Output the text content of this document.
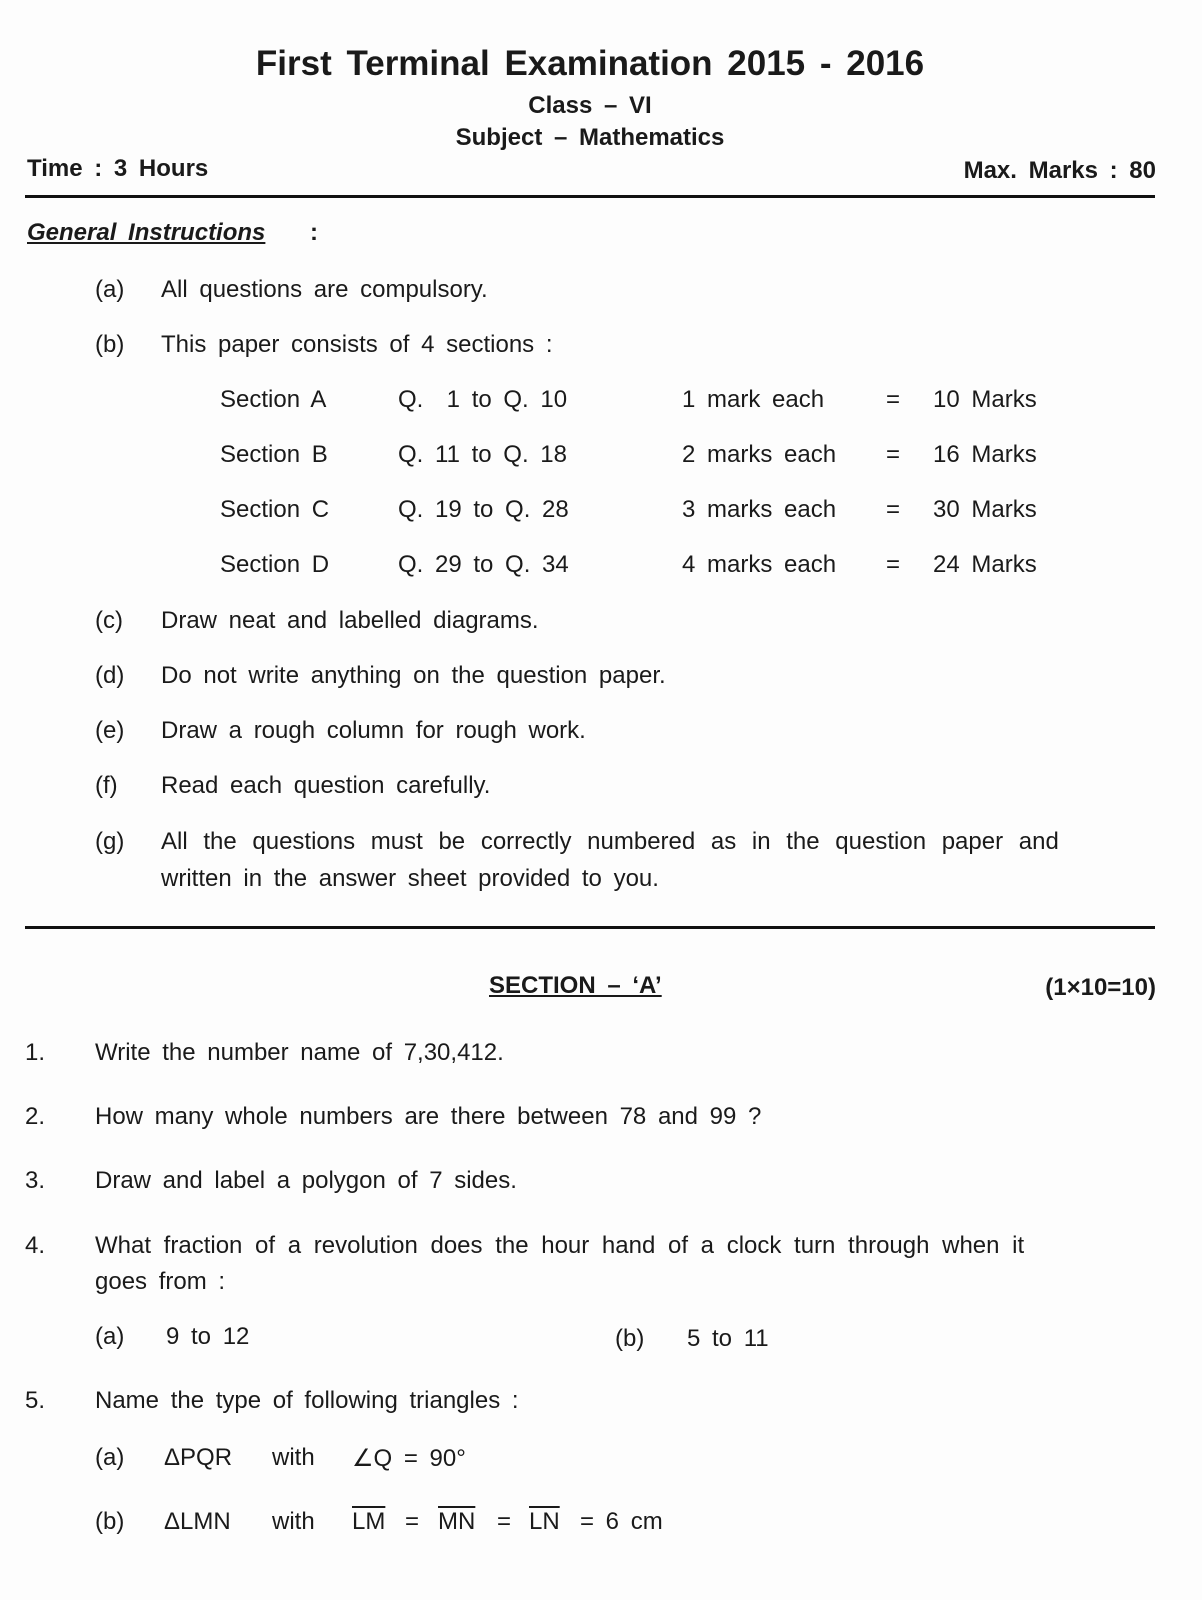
First Terminal Examination 2015 - 2016
Class – VI
Subject – Mathematics
Time : 3 Hours	Max. Marks : 80
General Instructions :
(a) All questions are compulsory.
(b) This paper consists of 4 sections :
Section A	Q.  1 to Q. 10	1 mark each	= 10 Marks
Section B	Q. 11 to Q. 18	2 marks each = 16 Marks
Section C	Q. 19 to Q. 28	3 marks each = 30 Marks
Section D	Q. 29 to Q. 34	4 marks each = 24 Marks
(c) Draw neat and labelled diagrams.
(d) Do not write anything on the question paper.
(e) Draw a rough column for rough work.
(f) Read each question carefully.
(g) All the questions must be correctly numbered as in the question paper and
written in the answer sheet provided to you.
SECTION – ‘A’	(1×10=10)
1. Write the number name of 7,30,412.
2. How many whole numbers are there between 78 and 99 ?
3. Draw and label a polygon of 7 sides.
4. What fraction of a revolution does the hour hand of a clock turn through when it
goes from :
(a) 9 to 12	(b) 5 to 11
5. Name the type of following triangles :
(a) ΔPQR with ∠Q = 90°
(b) ΔLMN with $\overline{LM} = \overline{MN} = \overline{LN} = 6$ cm
